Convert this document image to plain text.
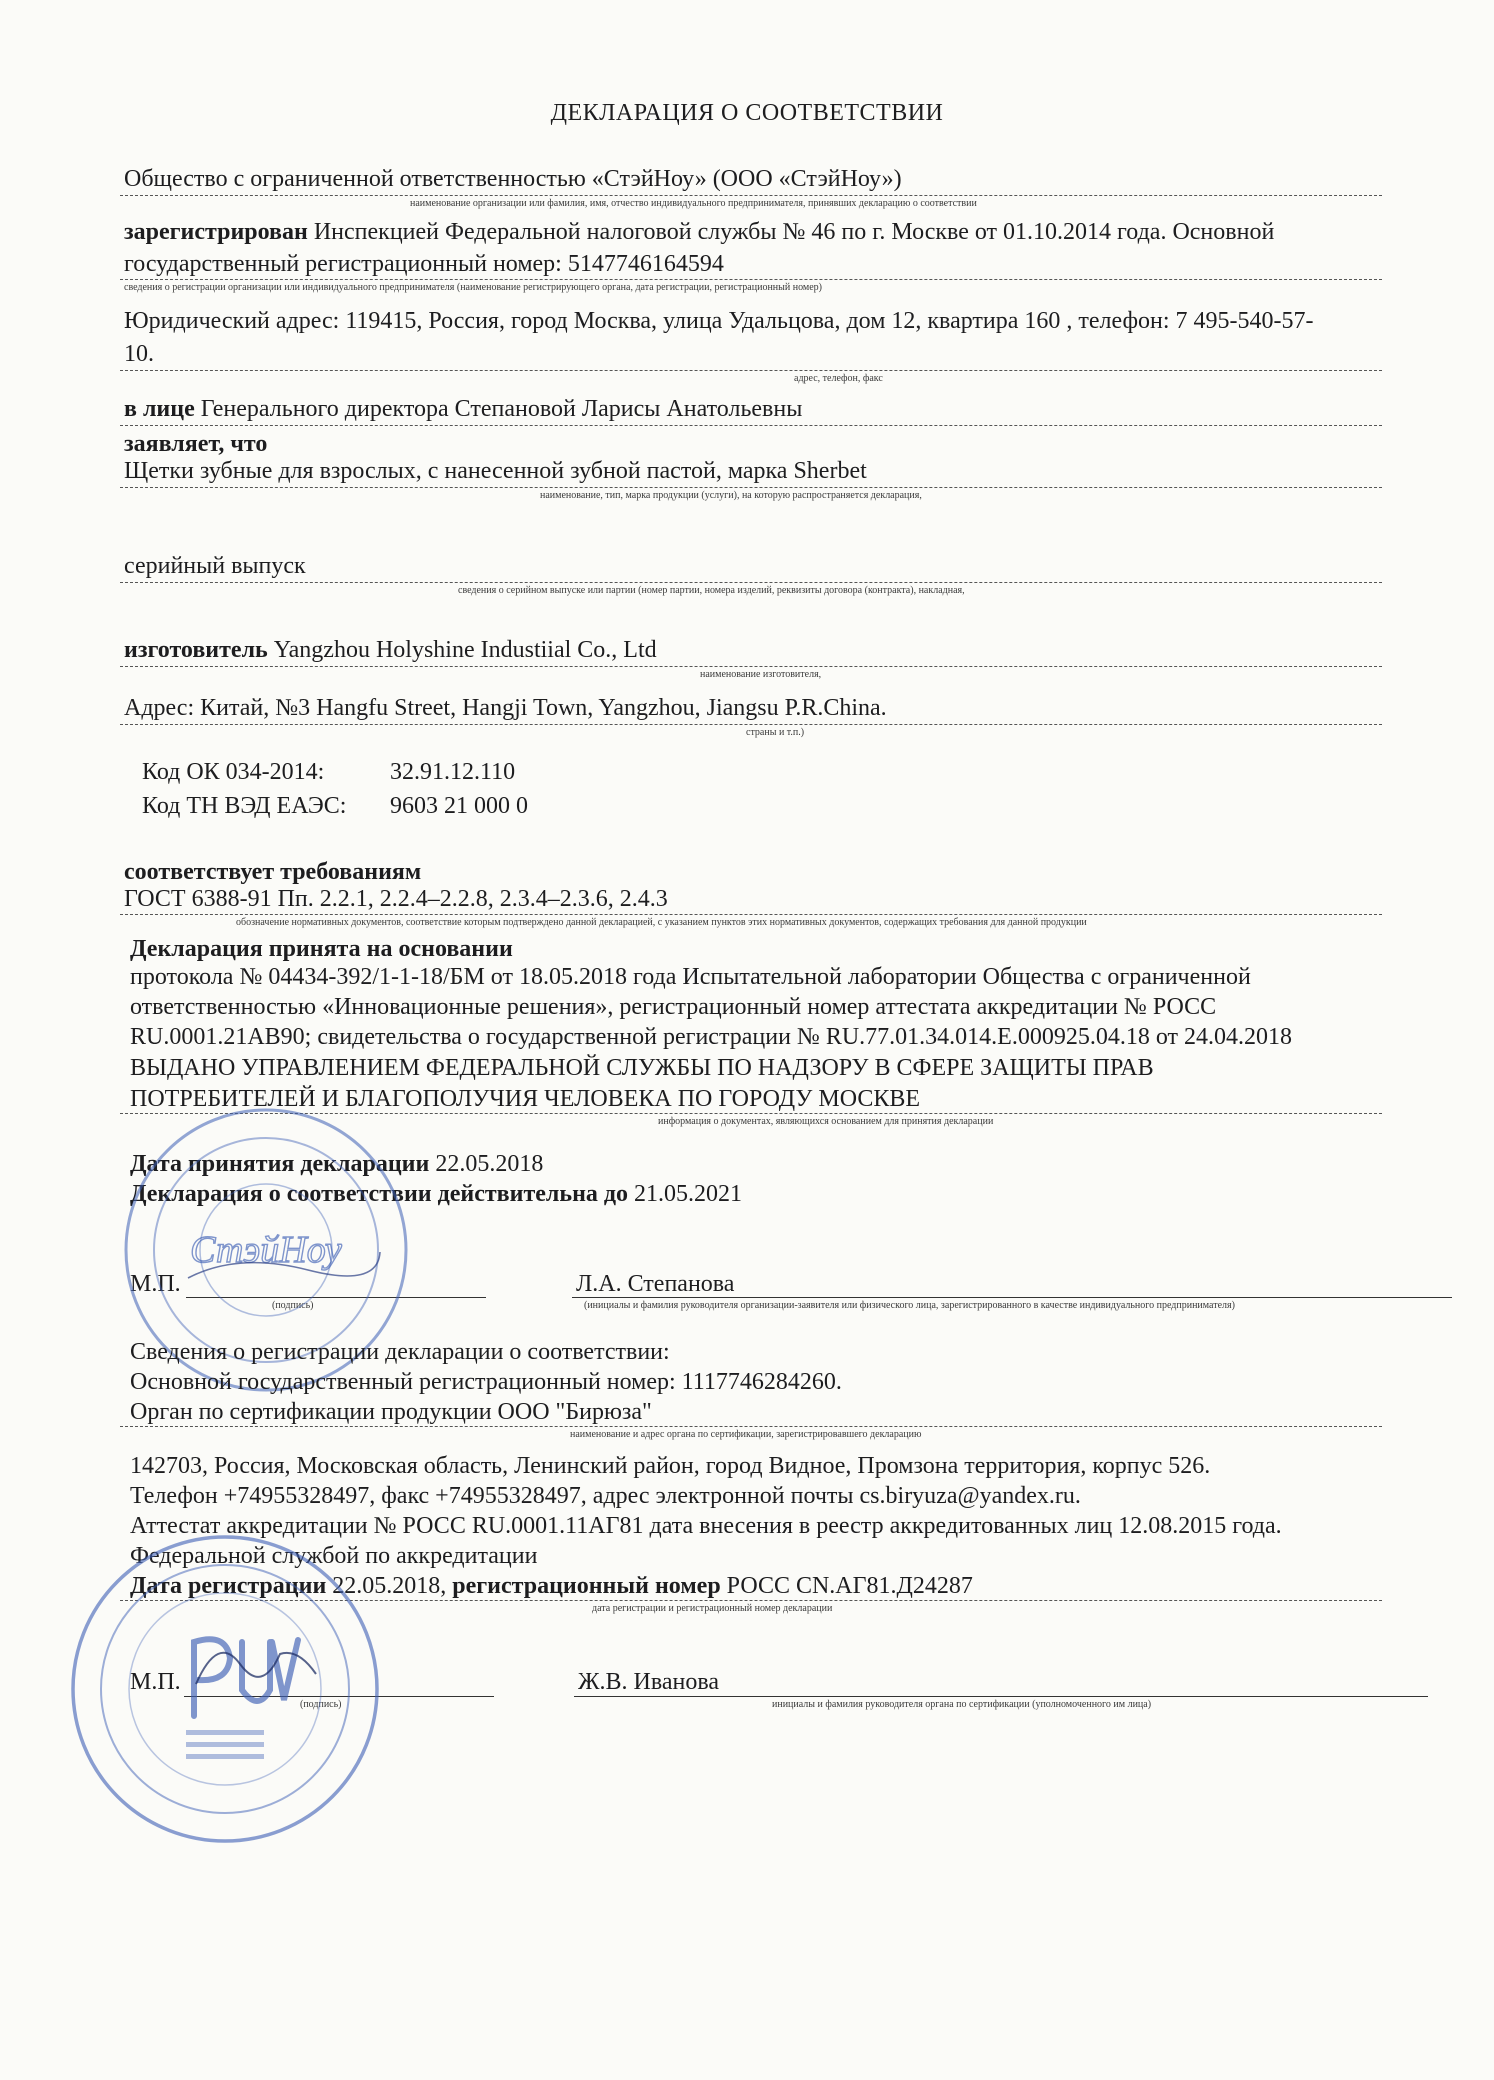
ДЕКЛАРАЦИЯ О СООТВЕТСТВИИ
Общество с ограниченной ответственностью «СтэйНоу» (ООО «СтэйНоу»)
наименование организации или фамилия, имя, отчество индивидуального предпринимателя, принявших декларацию о соответствии
зарегистрирован Инспекцией Федеральной налоговой службы № 46 по г. Москве от 01.10.2014 года. Основной
государственный регистрационный номер: 5147746164594
сведения о регистрации организации или индивидуального предпринимателя (наименование регистрирующего органа, дата регистрации, регистрационный номер)
Юридический адрес: 119415, Россия, город Москва, улица Удальцова, дом 12, квартира 160 , телефон: 7 495-540-57-
10.
адрес, телефон, факс
в лице Генерального директора Степановой Ларисы Анатольевны
заявляет, что
Щетки зубные для взрослых, с нанесенной зубной пастой, марка Sherbet
наименование, тип, марка продукции (услуги), на которую распространяется декларация,
серийный выпуск
сведения о серийном выпуске или партии (номер партии, номера изделий, реквизиты договора (контракта), накладная,
изготовитель Yangzhou Holyshine Industiial Co., Ltd
наименование изготовителя,
Адрес: Китай, №3 Hangfu Street, Hangji Town, Yangzhou, Jiangsu P.R.China.
страны и т.п.)
Код ОК 034-2014:	32.91.12.110
Код ТН ВЭД ЕАЭС: 9603 21 000 0
соответствует требованиям
ГОСТ 6388-91 Пп. 2.2.1, 2.2.4–2.2.8, 2.3.4–2.3.6, 2.4.3
обозначение нормативных документов, соответствие которым подтверждено данной декларацией, с указанием пунктов этих нормативных документов, содержащих требования для данной продукции
Декларация принята на основании
протокола № 04434-392/1-1-18/БМ от 18.05.2018 года Испытательной лаборатории Общества с ограниченной
ответственностью «Инновационные решения», регистрационный номер аттестата аккредитации № РОСС
RU.0001.21АВ90; свидетельства о государственной регистрации № RU.77.01.34.014.Е.000925.04.18 от 24.04.2018
ВЫДАНО УПРАВЛЕНИЕМ ФЕДЕРАЛЬНОЙ СЛУЖБЫ ПО НАДЗОРУ В СФЕРЕ ЗАЩИТЫ ПРАВ
ПОТРЕБИТЕЛЕЙ И БЛАГОПОЛУЧИЯ ЧЕЛОВЕКА ПО ГОРОДУ МОСКВЕ
информация о документах, являющихся основанием для принятия декларации
Дата принятия декларации 22.05.2018
Декларация о соответствии действительна до 21.05.2021
М.П.
(подпись)
Л.А. Степанова
(инициалы и фамилия руководителя организации-заявителя или физического лица, зарегистрированного в качестве индивидуального предпринимателя)
СтэйНоу
Сведения о регистрации декларации о соответствии:
Основной государственный регистрационный номер: 1117746284260.
Орган по сертификации продукции ООО "Бирюза"
наименование и адрес органа по сертификации, зарегистрировавшего декларацию
142703, Россия, Московская область, Ленинский район, город Видное, Промзона территория, корпус 526.
Телефон +74955328497, факс +74955328497, адрес электронной почты cs.biryuza@yandex.ru.
Аттестат аккредитации № РОСС RU.0001.11АГ81 дата внесения в реестр аккредитованных лиц 12.08.2015 года.
Федеральной службой по аккредитации
Дата регистрации 22.05.2018, регистрационный номер РОСС CN.АГ81.Д24287
дата регистрации и регистрационный номер декларации
М.П.
(подпись)
Ж.В. Иванова
инициалы и фамилия руководителя органа по сертификации (уполномоченного им лица)
